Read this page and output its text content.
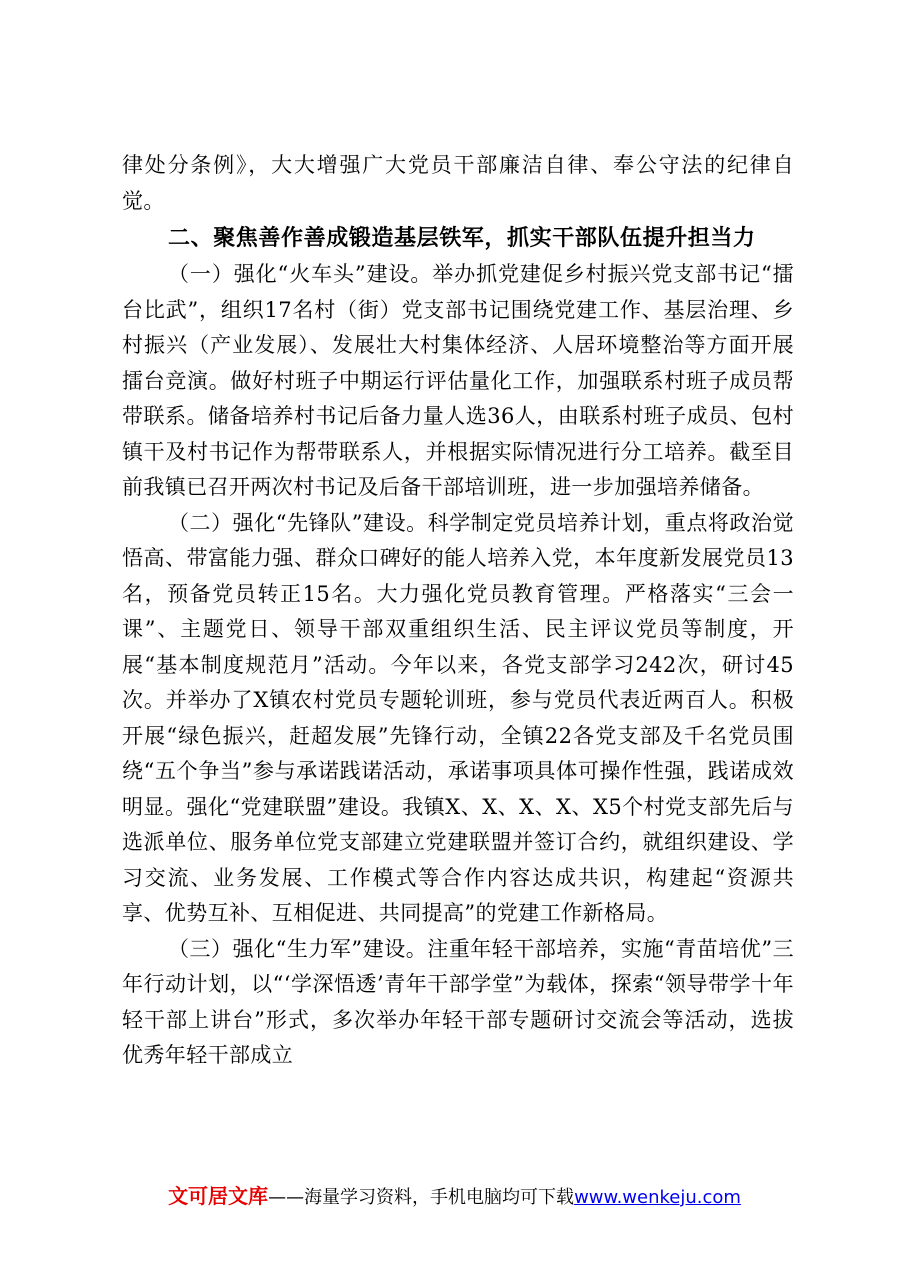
律处分条例》，大大增强广大党员干部廉洁自律、奉公守法的纪律自觉。

二、聚焦善作善成锻造基层铁军，抓实干部队伍提升担当力

（一）强化“火车头”建设。举办抓党建促乡村振兴党支部书记“擂台比武”，组织17名村（街）党支部书记围绕党建工作、基层治理、乡村振兴（产业发展）、发展壮大村集体经济、人居环境整治等方面开展擂台竞演。做好村班子中期运行评估量化工作，加强联系村班子成员帮带联系。储备培养村书记后备力量人选36人，由联系村班子成员、包村镇干及村书记作为帮带联系人，并根据实际情况进行分工培养。截至目前我镇已召开两次村书记及后备干部培训班，进一步加强培养储备。

（二）强化“先锋队”建设。科学制定党员培养计划，重点将政治觉悟高、带富能力强、群众口碑好的能人培养入党，本年度新发展党员13名，预备党员转正15名。大力强化党员教育管理。严格落实“三会一课”、主题党日、领导干部双重组织生活、民主评议党员等制度，开展“基本制度规范月”活动。今年以来，各党支部学习242次，研讨45次。并举办了X镇农村党员专题轮训班，参与党员代表近两百人。积极开展“绿色振兴，赶超发展”先锋行动，全镇22各党支部及千名党员围绕“五个争当”参与承诺践诺活动，承诺事项具体可操作性强，践诺成效明显。强化“党建联盟”建设。我镇X、X、X、X、X5个村党支部先后与选派单位、服务单位党支部建立党建联盟并签订合约，就组织建设、学习交流、业务发展、工作模式等合作内容达成共识，构建起“资源共享、优势互补、互相促进、共同提高”的党建工作新格局。

（三）强化“生力军”建设。注重年轻干部培养，实施“青苗培优”三年行动计划，以“‘学深悟透’青年干部学堂”为载体，探索“领导带学十年轻干部上讲台”形式，多次举办年轻干部专题研讨交流会等活动，选拔优秀年轻干部成立

文可居文库——海量学习资料，手机电脑均可下载www.wenkeju.com
